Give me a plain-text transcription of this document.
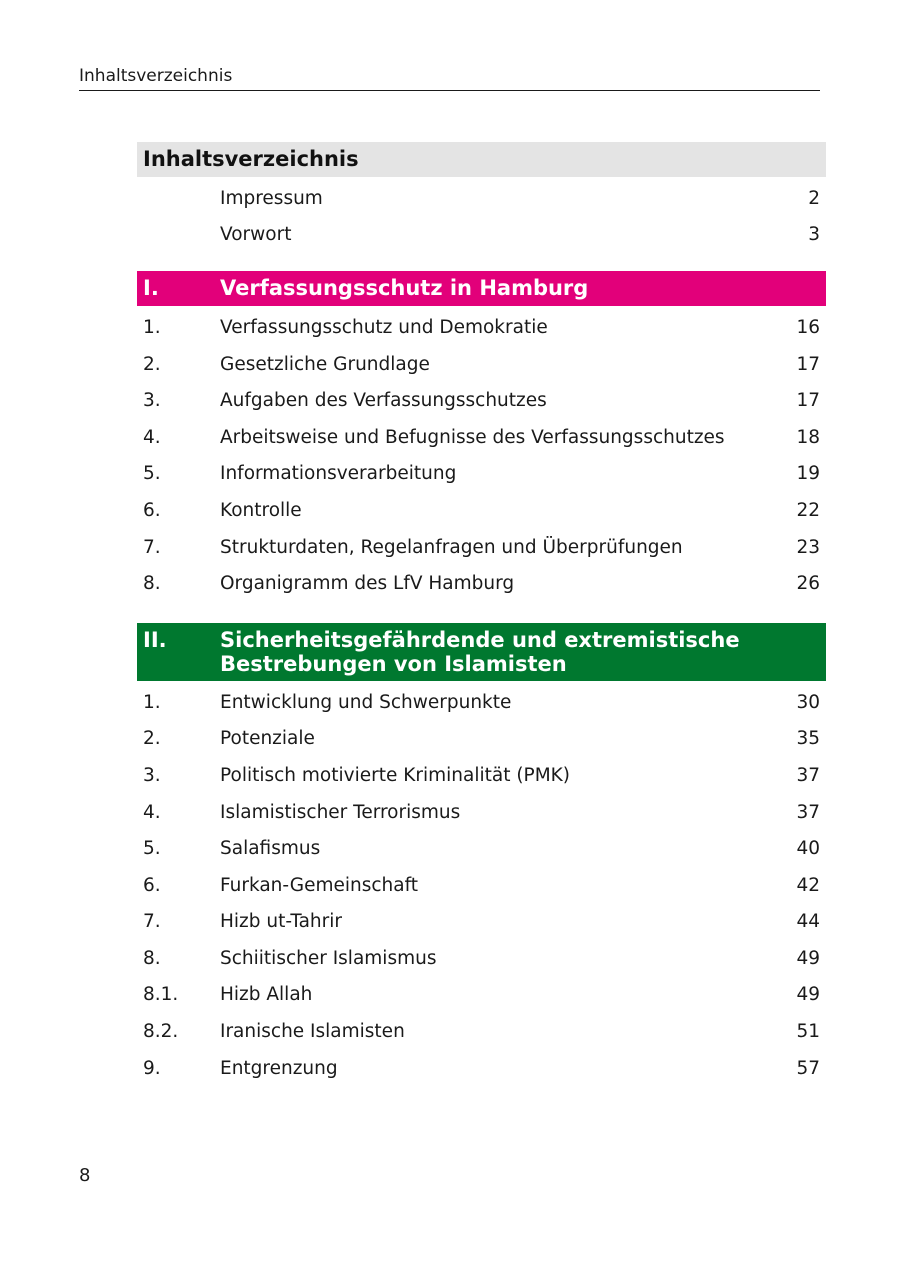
Inhaltsverzeichnis
Inhaltsverzeichnis
Impressum	2
Vorwort	3
I.	Verfassungsschutz in Hamburg
1.	Verfassungsschutz und Demokratie	16
2.	Gesetzliche Grundlage	17
3.	Aufgaben des Verfassungsschutzes	17
4.	Arbeitsweise und Befugnisse des Verfassungsschutzes	18
5.	Informationsverarbeitung	19
6.	Kontrolle	22
7.	Strukturdaten, Regelanfragen und Überprüfungen	23
8.	Organigramm des LfV Hamburg	26
II.	Sicherheitsgefährdende und extremistische
Bestrebungen von Islamisten
1.	Entwicklung und Schwerpunkte	30
2.	Potenziale	35
3.	Politisch motivierte Kriminalität (PMK)	37
4.	Islamistischer Terrorismus	37
5.	Salafismus	40
6.	Furkan-Gemeinschaft	42
7.	Hizb ut-Tahrir	44
8.	Schiitischer Islamismus	49
8.1.	Hizb Allah	49
8.2.	Iranische Islamisten	51
9.	Entgrenzung	57
8
